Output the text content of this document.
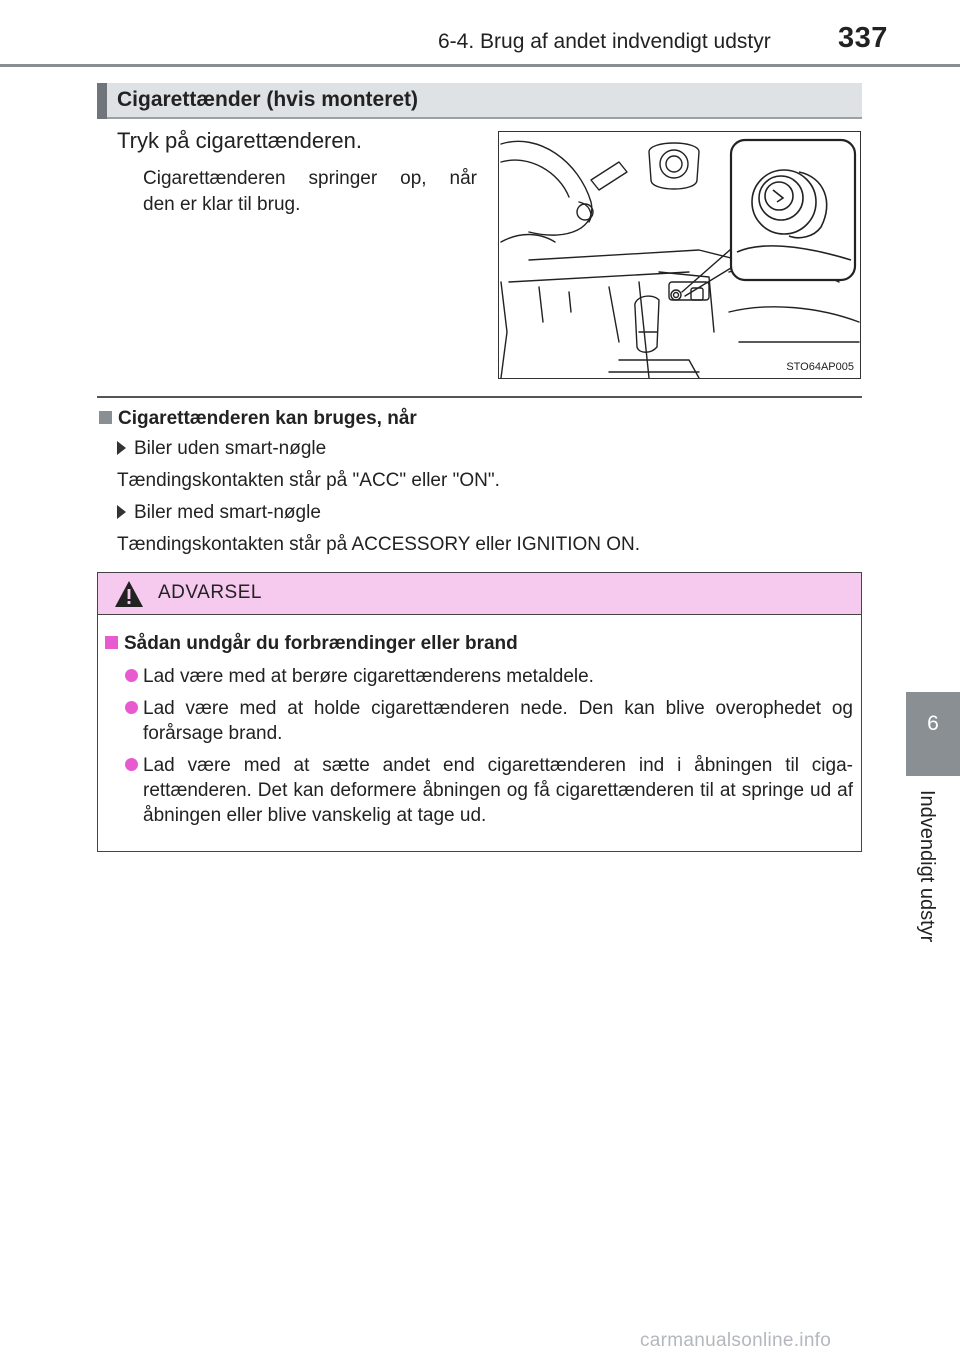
6-4. Brug af andet indvendigt udstyr 337
6
Indvendigt udstyr
Cigarettænder (hvis monteret)
Tryk på cigarettænderen.
Cigarettænderen springer op, når
den er klar til brug.
STO64AP005
Cigarettænderen kan bruges, når
Biler uden smart-nøgle
Tændingskontakten står på "ACC" eller "ON".
Biler med smart-nøgle
Tændingskontakten står på ACCESSORY eller IGNITION ON.
ADVARSEL
Sådan undgår du forbrændinger eller brand
Lad være med at berøre cigarettænderens metaldele.
Lad være med at holde cigarettænderen nede. Den kan blive overophedet og forårsage brand.
Lad være med at sætte andet end cigarettænderen ind i åbningen til ciga-rettænderen. Det kan deformere åbningen og få cigarettænderen til at springe ud af åbningen eller blive vanskelig at tage ud.
carmanualsonline.info
